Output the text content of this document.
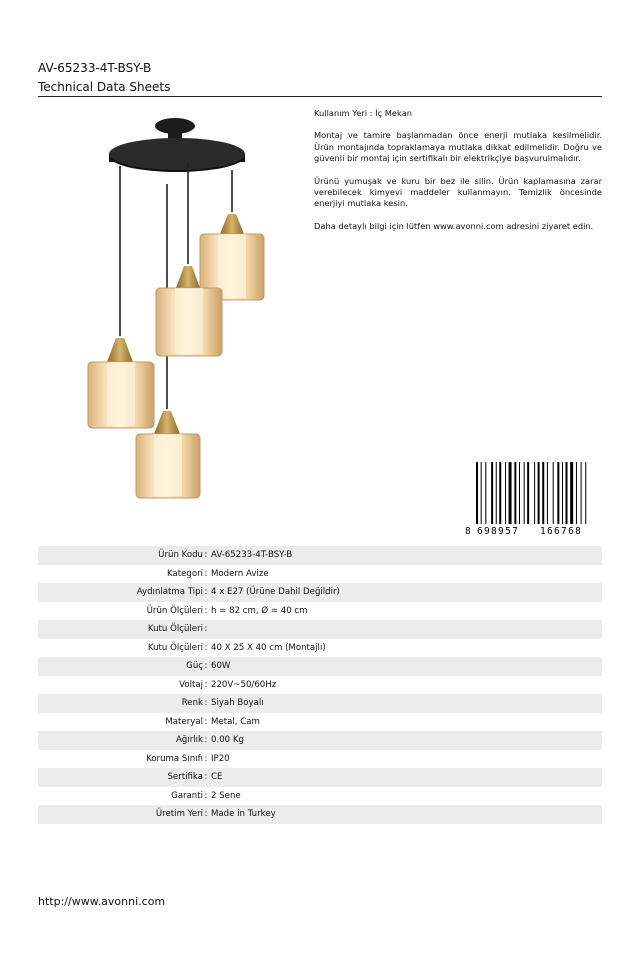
AV-65233-4T-BSY-B
Technical Data Sheets

Kullanım Yeri : İç Mekan

Montaj ve tamire başlanmadan önce enerji mutlaka kesilmelidir. Ürün montajında topraklamaya mutlaka dikkat edilmelidir. Doğru ve güvenli bir montaj için sertifikalı bir elektrikçiye başvurulmalıdır.

Ürünü yumuşak ve kuru bir bez ile silin. Ürün kaplamasına zarar verebilecek kimyevi maddeler kullanmayın. Temizlik öncesinde enerjiyi mutlaka kesin.

Daha detaylı bilgi için lütfen www.avonni.com adresini ziyaret edin.

8 698957 166768
Ürün Kodu	:	AV-65233-4T-BSY-B
Kategori	:	Modern Avize
Aydınlatma Tipi	:	4 x E27 (Ürüne Dahil Değildir)
Ürün Ölçüleri	:	h = 82 cm, Ø = 40 cm
Kutu Ölçüleri	:	
Kutu Ölçüleri	:	40 X 25 X 40 cm (Montajlı)
Güç	:	60W
Voltaj	:	220V~50/60Hz
Renk	:	Siyah Boyalı
Materyal	:	Metal, Cam
Ağırlık	:	0.00 Kg
Koruma Sınıfı	:	IP20
Sertifika	:	CE
Garanti	:	2 Sene
Üretim Yeri	:	Made in Turkey
http://www.avonni.com
